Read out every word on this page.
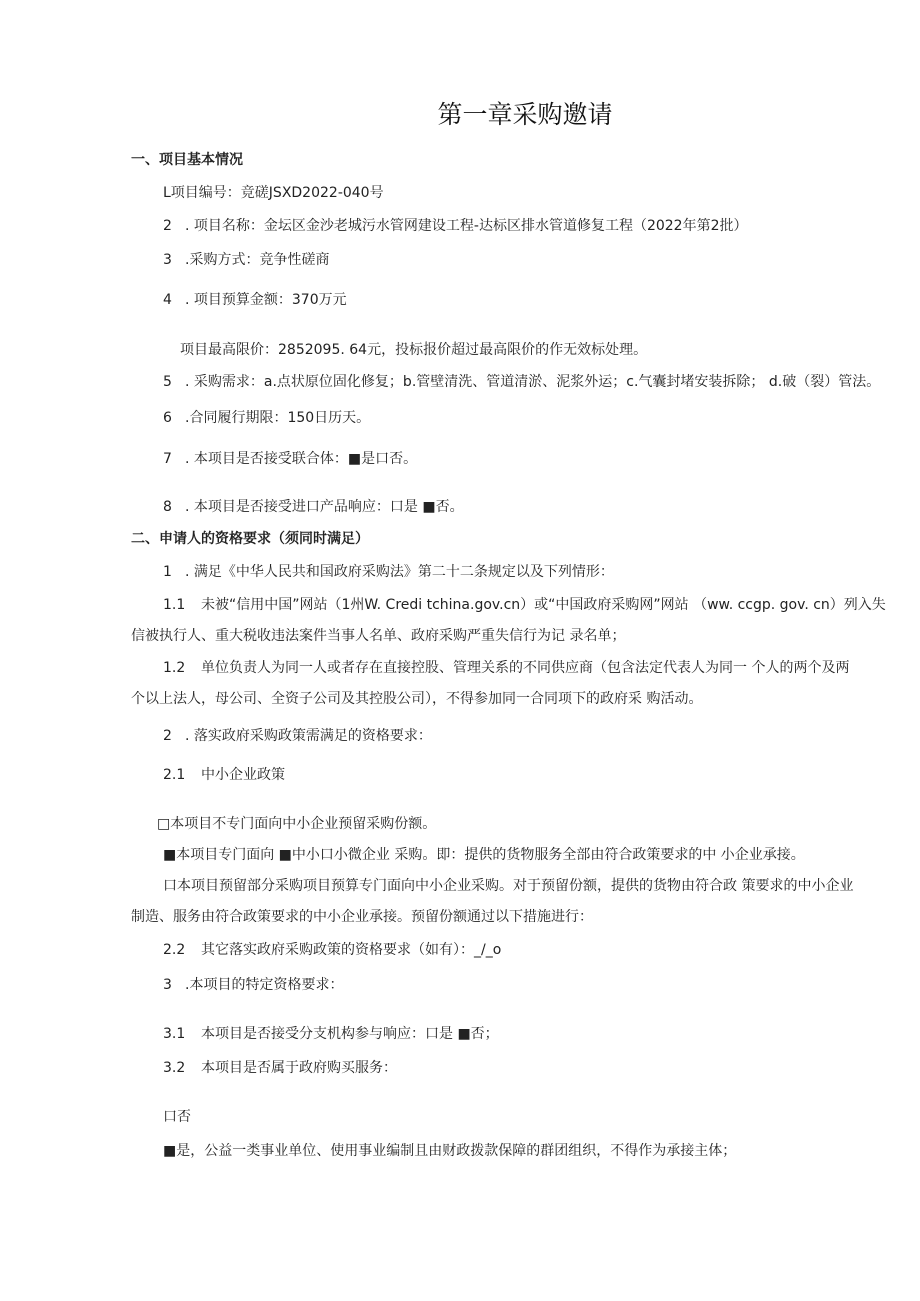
第一章采购邀请
一、项目基本情况
L项目编号：竞磋JSXD2022-040号
2 . 项目名称：金坛区金沙老城污水管网建设工程-达标区排水管道修复工程（2022年第2批）
3 .采购方式：竞争性磋商
4 . 项目预算金额：370万元
项目最高限价：2852095. 64元，投标报价超过最高限价的作无效标处理。
5 . 采购需求：a.点状原位固化修复；b.管壁清洗、管道清淤、泥浆外运；c.气囊封堵安装拆除； d.破（裂）管法。
6 .合同履行期限：150日历天。
7 . 本项目是否接受联合体：■是口否。
8 . 本项目是否接受进口产品响应：口是 ■否。
二、申请人的资格要求（须同时满足）
1 . 满足《中华人民共和国政府采购法》第二十二条规定以及下列情形：
1.1 未被“信用中国”网站（1州W. Credi tchina.gov.cn）或“中国政府采购网”网站 （ww. ccgp. gov. cn）列入失
信被执行人、重大税收违法案件当事人名单、政府采购严重失信行为记 录名单；
1.2 单位负责人为同一人或者存在直接控股、管理关系的不同供应商（包含法定代表人为同一 个人的两个及两
个以上法人，母公司、全资子公司及其控股公司），不得参加同一合同项下的政府采 购活动。
2 . 落实政府采购政策需满足的资格要求：
2.1 中小企业政策
□本项目不专门面向中小企业预留采购份额。
■本项目专门面向 ■中小口小微企业 采购。即：提供的货物服务全部由符合政策要求的中 小企业承接。
口本项目预留部分采购项目预算专门面向中小企业采购。对于预留份额，提供的货物由符合政 策要求的中小企业
制造、服务由符合政策要求的中小企业承接。预留份额通过以下措施进行：
2.2 其它落实政府采购政策的资格要求（如有）：_/_o
3 .本项目的特定资格要求：
3.1 本项目是否接受分支机构参与响应：口是 ■否；
3.2 本项目是否属于政府购买服务：
口否
■是，公益一类事业单位、使用事业编制且由财政拨款保障的群团组织，不得作为承接主体；
